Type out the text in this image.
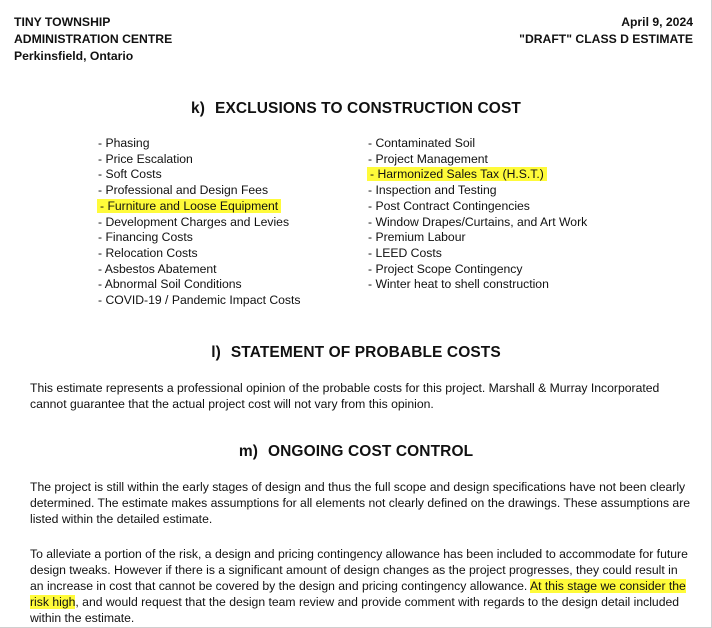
TINY TOWNSHIP
ADMINISTRATION CENTRE
Perkinsfield, Ontario
April 9, 2024
"DRAFT" CLASS D ESTIMATE
k) EXCLUSIONS TO CONSTRUCTION COST
- Phasing
- Price Escalation
- Soft Costs
- Professional and Design Fees
- Furniture and Loose Equipment
- Development Charges and Levies
- Financing Costs
- Relocation Costs
- Asbestos Abatement
- Abnormal Soil Conditions
- COVID-19 / Pandemic Impact Costs
- Contaminated Soil
- Project Management
- Harmonized Sales Tax (H.S.T.)
- Inspection and Testing
- Post Contract Contingencies
- Window Drapes/Curtains, and Art Work
- Premium Labour
- LEED Costs
- Project Scope Contingency
- Winter heat to shell construction
l) STATEMENT OF PROBABLE COSTS

This estimate represents a professional opinion of the probable costs for this project. Marshall & Murray Incorporated cannot guarantee that the actual project cost will not vary from this opinion.

m) ONGOING COST CONTROL

The project is still within the early stages of design and thus the full scope and design specifications have not been clearly determined. The estimate makes assumptions for all elements not clearly defined on the drawings. These assumptions are listed within the detailed estimate.

To alleviate a portion of the risk, a design and pricing contingency allowance has been included to accommodate for future design tweaks. However if there is a significant amount of design changes as the project progresses, they could result in an increase in cost that cannot be covered by the design and pricing contingency allowance. At this stage we consider the risk high, and would request that the design team review and provide comment with regards to the design detail included within the estimate.
